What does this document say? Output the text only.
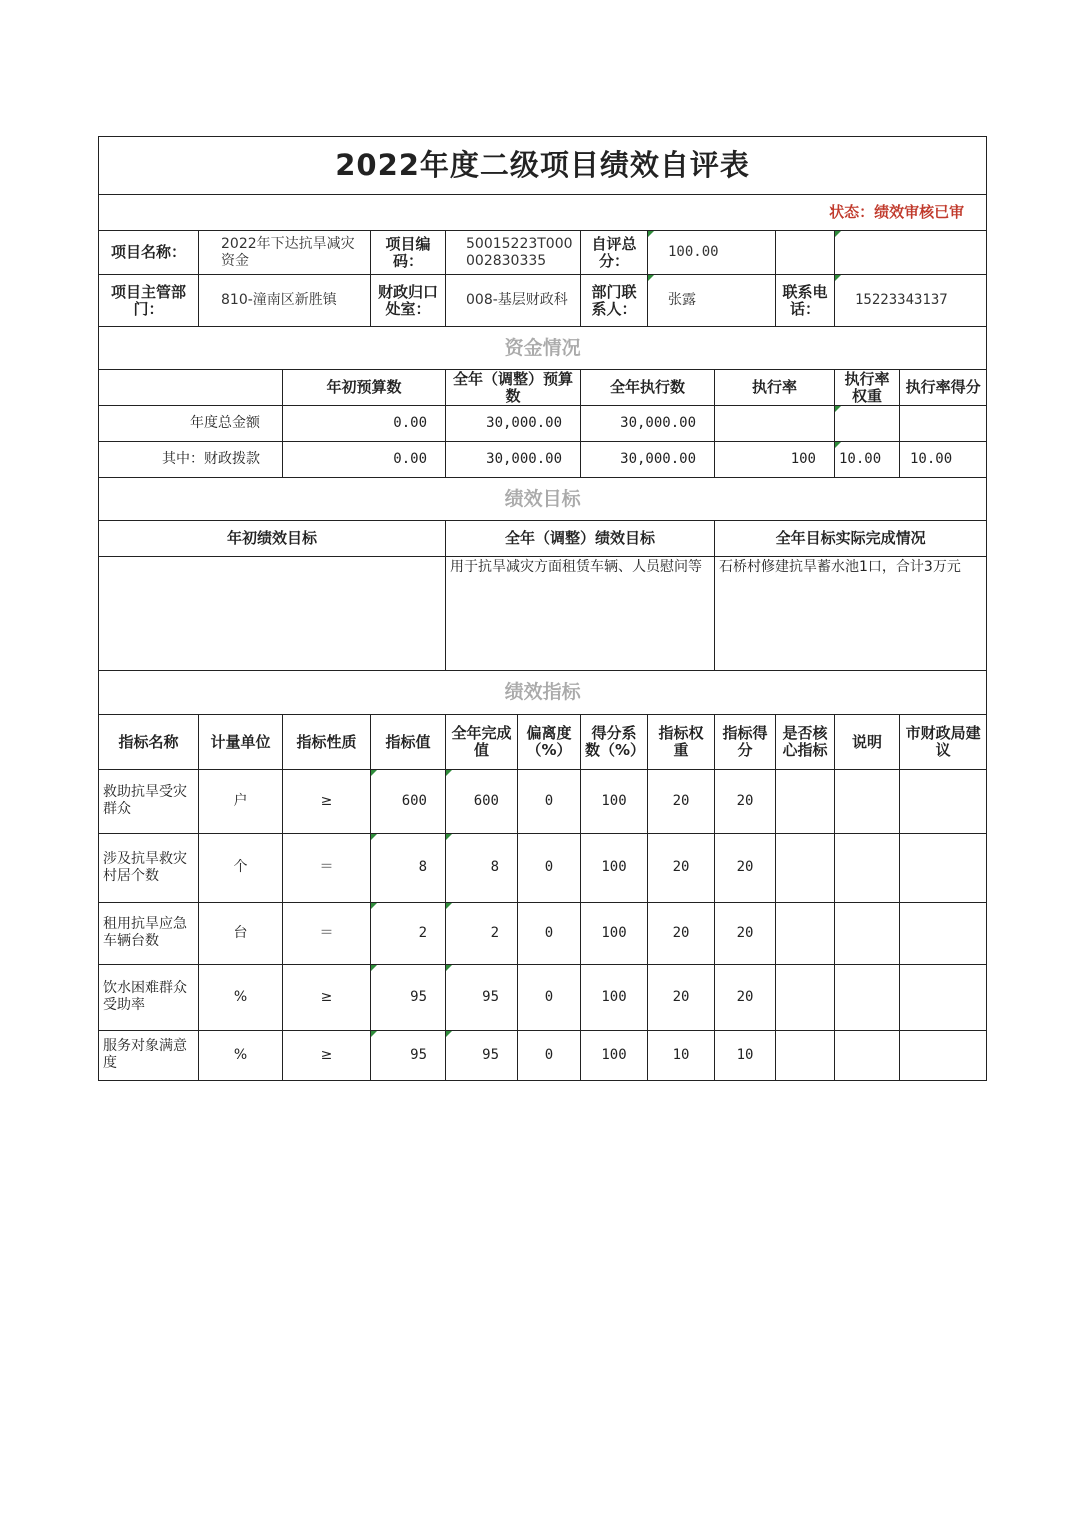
2022年度二级项目绩效自评表											
状态：绩效审核已审											
项目名称：	2022年下达抗旱减灾资金		项目编码：	50015223T000002830335		自评总分：	100.00				
项目主管部门：	810-潼南区新胜镇		财政归口处室：	008-基层财政科		部门联系人：	张露		联系电话：	15223343137	
资金情况											
		年初预算数		全年（调整）预算数		全年执行数		执行率		执行率权重	执行率得分
年度总金额		0.00		30,000.00		30,000.00					
其中：财政拨款		0.00		30,000.00		30,000.00		100		10.00	10.00
绩效目标											
年初绩效目标				全年（调整）绩效目标				全年目标实际完成情况			
				用于抗旱减灾方面租赁车辆、人员慰问等				石桥村修建抗旱蓄水池1口，合计3万元			
绩效指标											
指标名称	计量单位	指标性质	指标值	全年完成值	偏离度（%）	得分系数（%）	指标权重	指标得分	是否核心指标	说明	市财政局建议
救助抗旱受灾群众	户	≥	600	600	0	100	20	20			
涉及抗旱救灾村居个数	个	＝	8	8	0	100	20	20			
租用抗旱应急车辆台数	台	＝	2	2	0	100	20	20			
饮水困难群众受助率	%	≥	95	95	0	100	20	20			
服务对象满意度	%	≥	95	95	0	100	10	10			
